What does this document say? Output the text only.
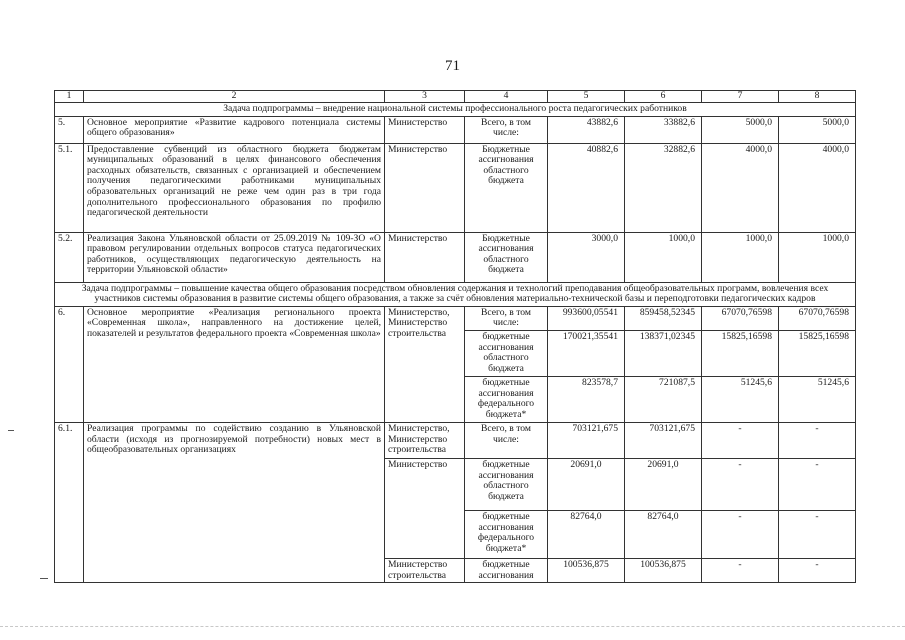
71
1	2	3	4	5	6	7	8
Задача подпрограммы – внедрение национальной системы профессионального роста педагогических работников							
5.	Основное мероприятие «Развитие кадрового потенциала системы общего образования»	Министерство	Всего, в том числе:	43882,6	33882,6	5000,0	5000,0
5.1.	Предоставление субвенций из областного бюджета бюджетам муниципальных образований в целях финансового обеспечения расходных обязательств, связанных с организацией и обеспечением получения педагогическими работниками муниципальных образовательных организаций не реже чем один раз в три года дополнительного профессионального образования по профилю педагогической деятельности	Министерство	Бюджетные ассигнования областного бюджета	40882,6	32882,6	4000,0	4000,0
5.2.	Реализация Закона Ульяновской области от 25.09.2019 № 109-ЗО «О правовом регулировании отдельных вопросов статуса педагогических работников, осуществляющих педагогическую деятельность на территории Ульяновской области»	Министерство	Бюджетные ассигнования областного бюджета	3000,0	1000,0	1000,0	1000,0
Задача подпрограммы – повышение качества общего образования посредством обновления содержания и технологий преподавания общеобразовательных программ, вовлечения всех участников системы образования в развитие системы общего образования, а также за счёт обновления материально-технической базы и переподготовки педагогических кадров							
6.	Основное мероприятие «Реализация регионального проекта «Современная школа», направленного на достижение целей, показателей и результатов федерального проекта «Современная школа»	Министерство, Министерство строительства	Всего, в том числе:	993600,05541	859458,52345	67070,76598	67070,76598
			бюджетные ассигнования областного бюджета	170021,35541	138371,02345	15825,16598	15825,16598
			бюджетные ассигнования федерального бюджета*	823578,7	721087,5	51245,6	51245,6
6.1.	Реализация программы по содействию созданию в Ульяновской области (исходя из прогнозируемой потребности) новых мест в общеобразовательных организациях	Министерство, Министерство строительства	Всего, в том числе:	703121,675	703121,675	-	-
		Министерство	бюджетные ассигнования областного бюджета	20691,0	20691,0	-	-
			бюджетные ассигнования федерального бюджета*	82764,0	82764,0	-	-
		Министерство строительства	бюджетные ассигнования	100536,875	100536,875	-	-
